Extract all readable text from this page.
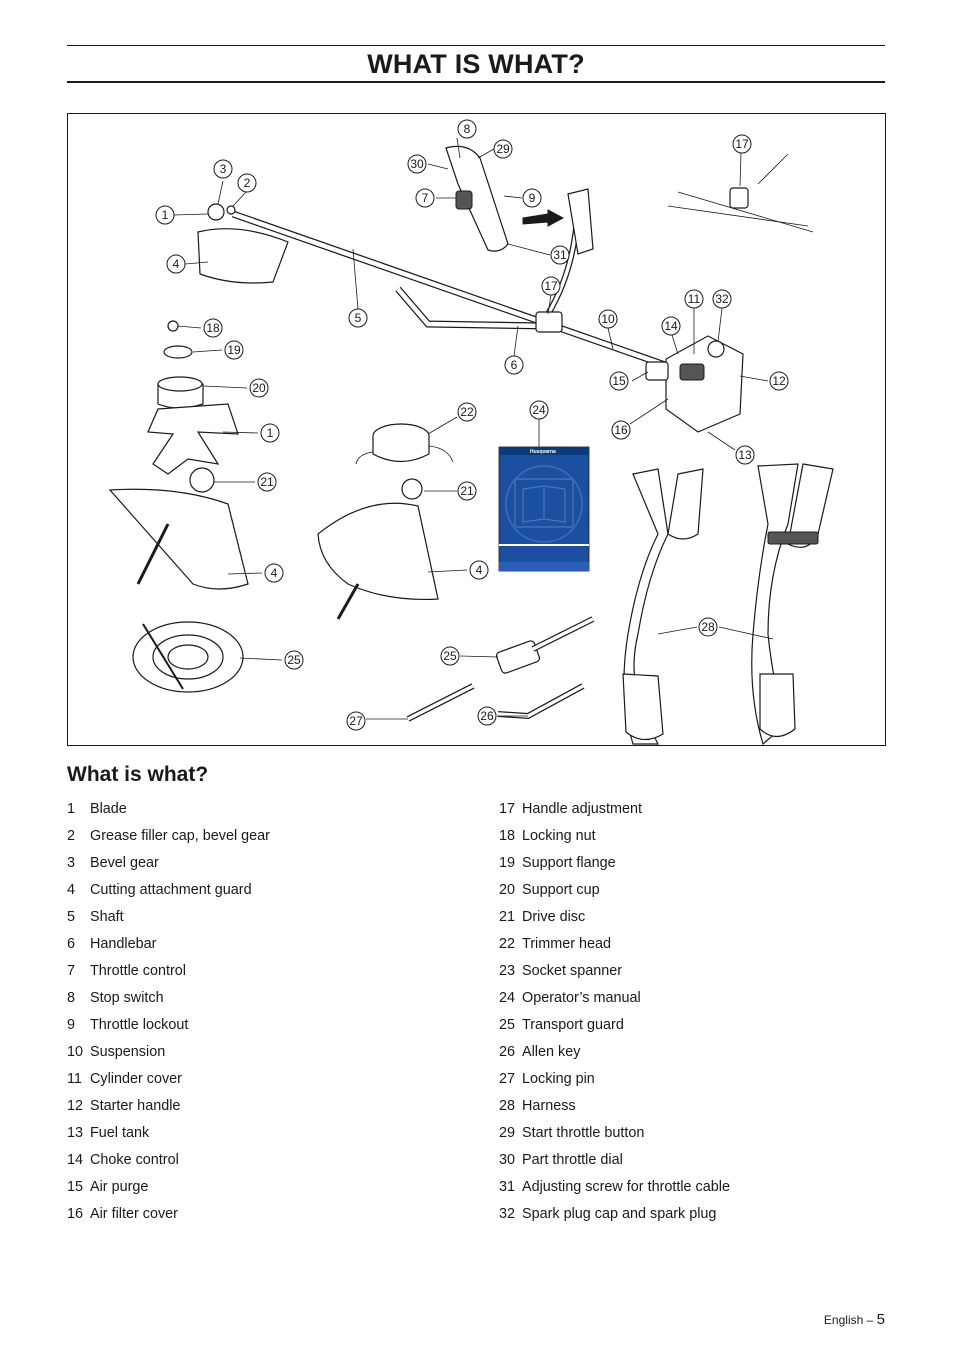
WHAT IS WHAT?
Husqvarna
8
29
30
7	9
31
17
3
2
1
4
5
17
6
10
11 32
14
15	12
16
13
18
19
20
1
21
22	24
21
4	4
25	25
28
27	26
What is what?
1 Blade
2 Grease filler cap, bevel gear
3 Bevel gear
4 Cutting attachment guard
5 Shaft
6 Handlebar
7 Throttle control
8 Stop switch
9 Throttle lockout
10 Suspension
11 Cylinder cover
12 Starter handle
13 Fuel tank
14 Choke control
15 Air purge
16 Air filter cover
17 Handle adjustment
18 Locking nut
19 Support flange
20 Support cup
21 Drive disc
22 Trimmer head
23 Socket spanner
24 Operator’s manual
25 Transport guard
26 Allen key
27 Locking pin
28 Harness
29 Start throttle button
30 Part throttle dial
31 Adjusting screw for throttle cable
32 Spark plug cap and spark plug
English – 5
